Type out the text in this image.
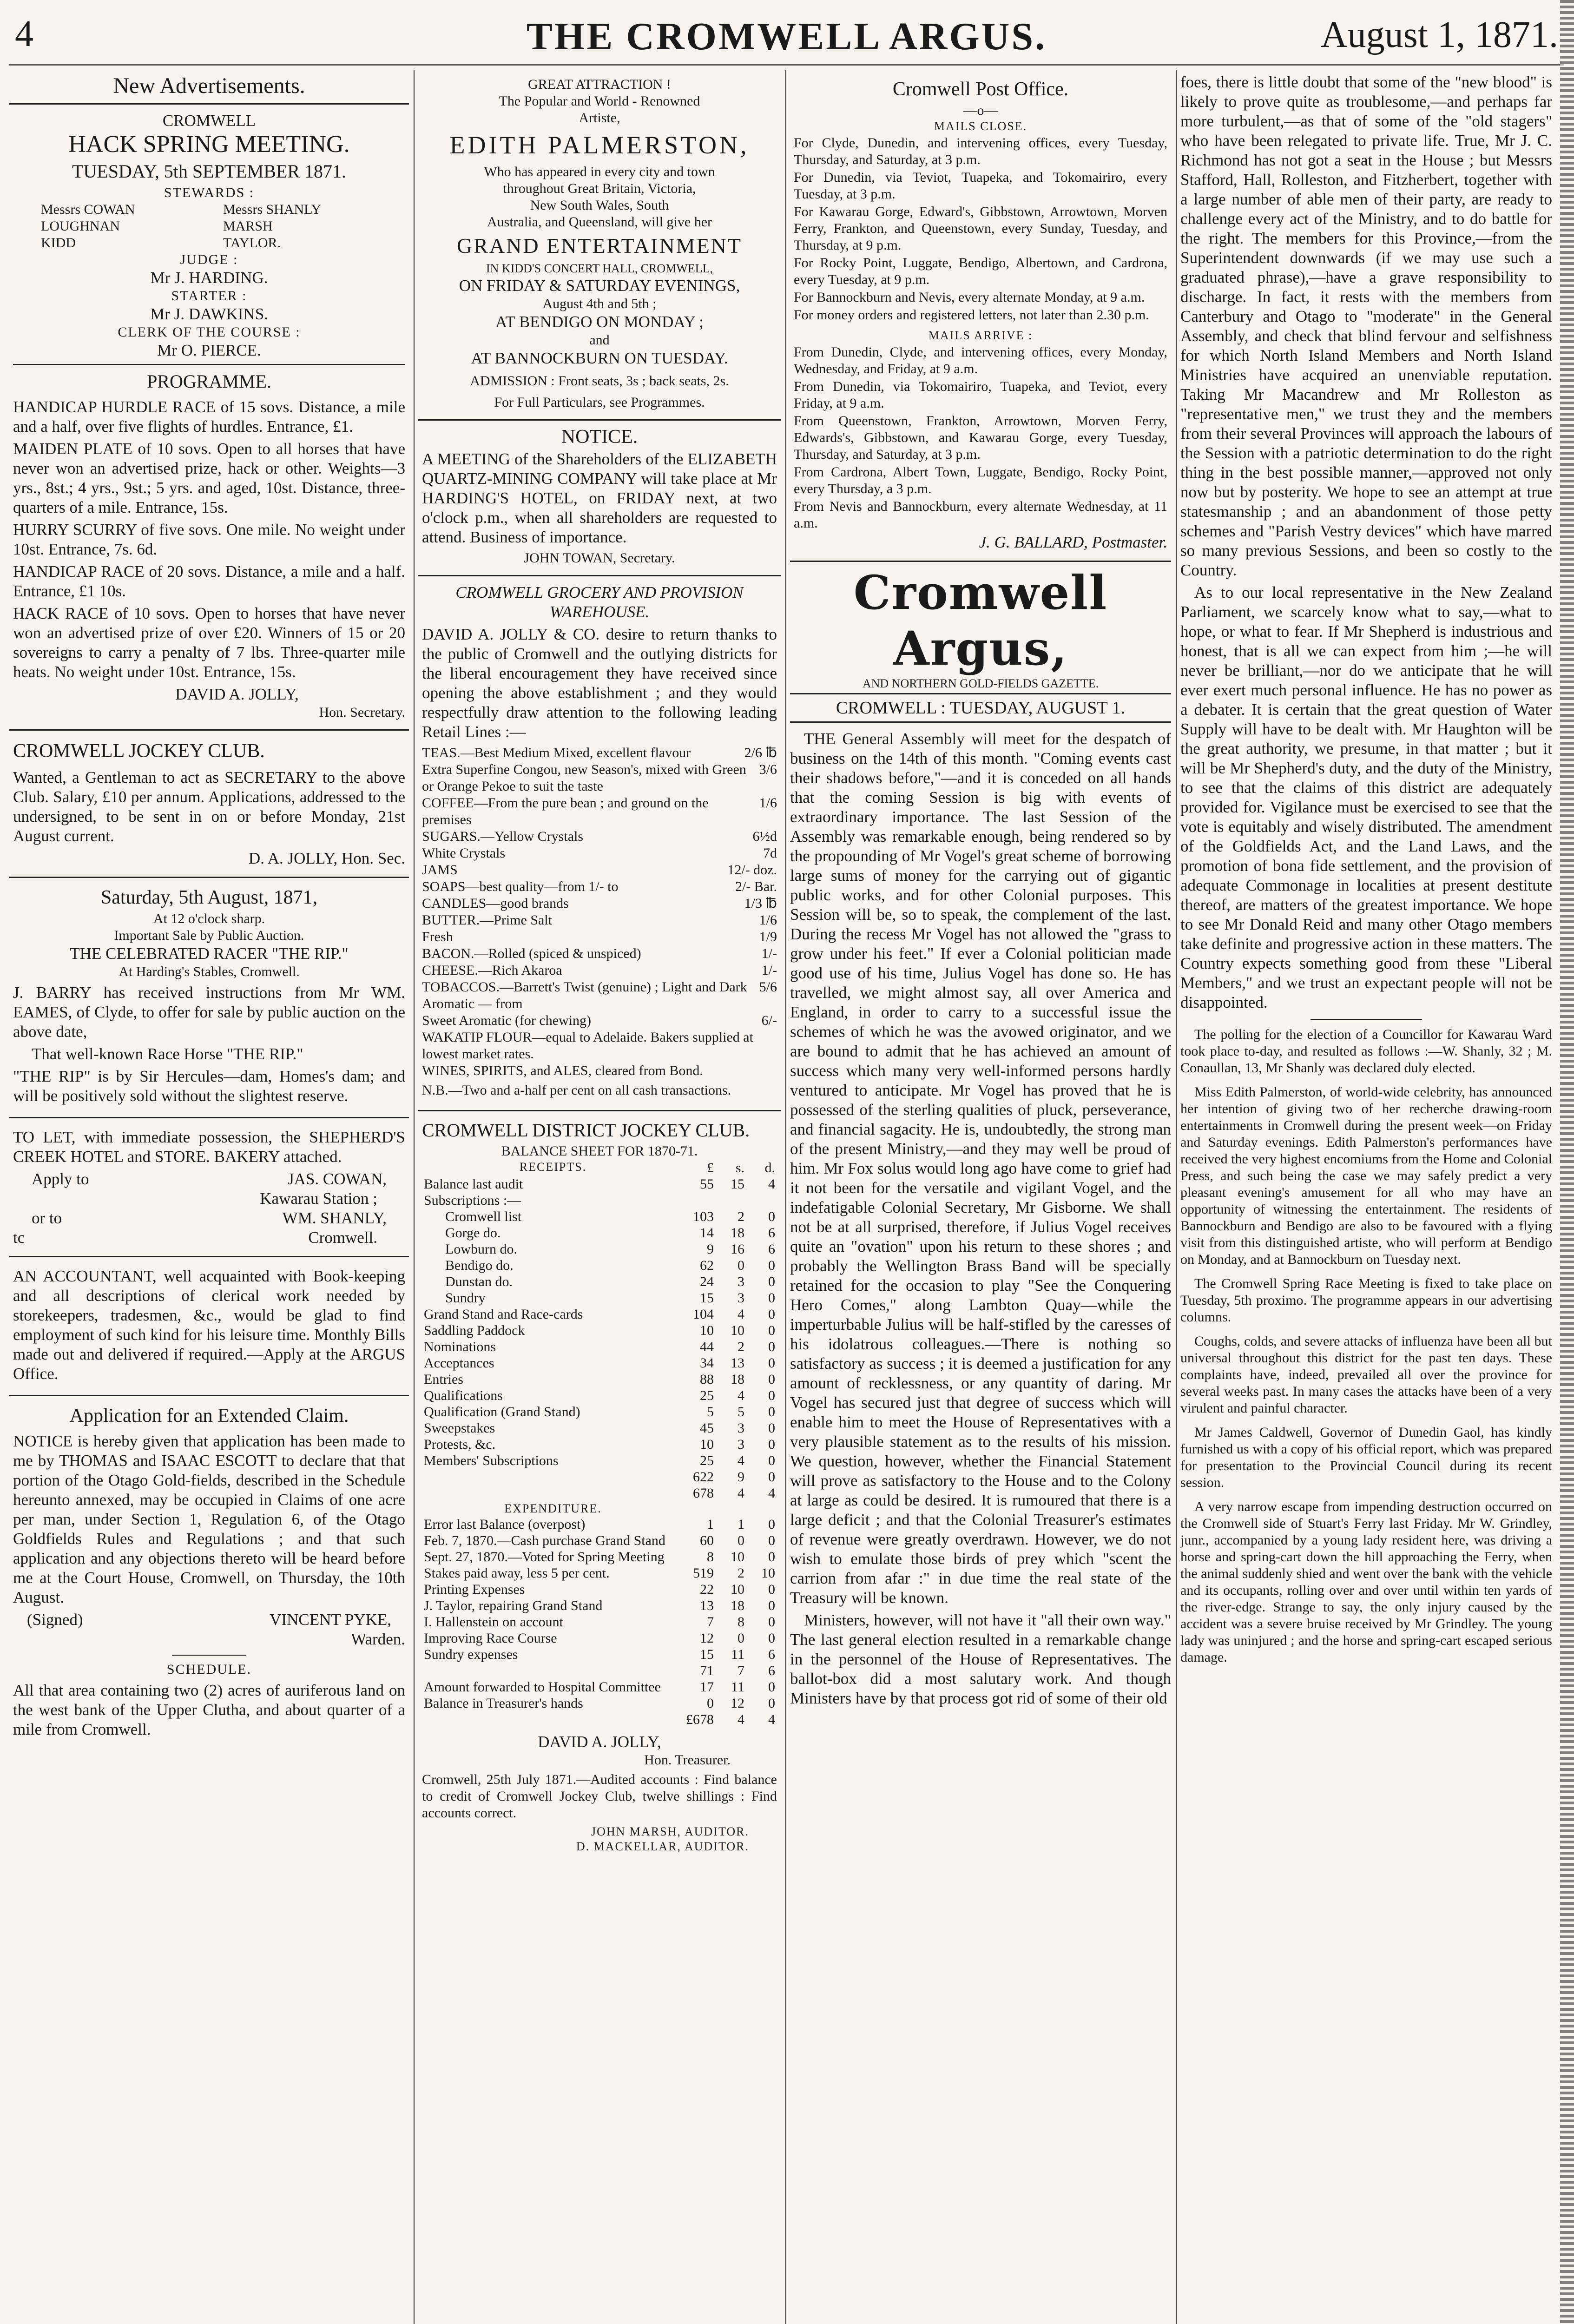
4	THE CROMWELL ARGUS.	August 1, 1871.
New Advertisements.
CROMWELL
HACK SPRING MEETING.
TUESDAY, 5th SEPTEMBER 1871.
STEWARDS :
Messrs COWAN	Messrs SHANLY
LOUGHNAN	MARSH
KIDD	TAYLOR.
JUDGE :
Mr J. HARDING.
STARTER :
Mr J. DAWKINS.
CLERK OF THE COURSE :
Mr O. PIERCE.
PROGRAMME.

HANDICAP HURDLE RACE of 15 sovs. Distance, a mile and a half, over five flights of hurdles. Entrance, £1.

MAIDEN PLATE of 10 sovs. Open to all horses that have never won an advertised prize, hack or other. Weights—3 yrs., 8st.; 4 yrs., 9st.; 5 yrs. and aged, 10st. Distance, three-quarters of a mile. Entrance, 15s.

HURRY SCURRY of five sovs. One mile. No weight under 10st. Entrance, 7s. 6d.

HANDICAP RACE of 20 sovs. Distance, a mile and a half. Entrance, £1 10s.

HACK RACE of 10 sovs. Open to horses that have never won an advertised prize of over £20. Winners of 15 or 20 sovereigns to carry a penalty of 7 lbs. Three-quarter mile heats. No weight under 10st. Entrance, 15s.

DAVID A. JOLLY,
Hon. Secretary.
CROMWELL JOCKEY CLUB.

Wanted, a Gentleman to act as SECRETARY to the above Club. Salary, £10 per annum. Applications, addressed to the undersigned, to be sent in on or before Monday, 21st August current.

D. A. JOLLY, Hon. Sec.
Saturday, 5th August, 1871,
At 12 o'clock sharp.
Important Sale by Public Auction.
THE CELEBRATED RACER "THE RIP."
At Harding's Stables, Cromwell.

J. BARRY has received instructions from Mr WM. EAMES, of Clyde, to offer for sale by public auction on the above date,

That well-known Race Horse "THE RIP."

"THE RIP" is by Sir Hercules—dam, Homes's dam; and will be positively sold without the slightest reserve.

TO LET, with immediate possession, the SHEPHERD'S CREEK HOTEL and STORE. BAKERY attached.

Apply to	JAS. COWAN,
Kawarau Station ;
or to	WM. SHANLY,
tc	Cromwell.

AN ACCOUNTANT, well acquainted with Book-keeping and all descriptions of clerical work needed by storekeepers, tradesmen, &c., would be glad to find employment of such kind for his leisure time. Monthly Bills made out and delivered if required.—Apply at the ARGUS Office.

Application for an Extended Claim.

NOTICE is hereby given that application has been made to me by THOMAS and ISAAC ESCOTT to declare that that portion of the Otago Gold-fields, described in the Schedule hereunto annexed, may be occupied in Claims of one acre per man, under Section 1, Regulation 6, of the Otago Goldfields Rules and Regulations ; and that such application and any objections thereto will be heard before me at the Court House, Cromwell, on Thursday, the 10th August.

(Signed)	VINCENT PYKE,
Warden.
SCHEDULE.

All that area containing two (2) acres of auriferous land on the west bank of the Upper Clutha, and about quarter of a mile from Cromwell.

GREAT ATTRACTION !
The Popular and World - Renowned
Artiste,
EDITH PALMERSTON,
Who has appeared in every city and town
throughout Great Britain, Victoria,
New South Wales, South
Australia, and Queensland, will give her
GRAND ENTERTAINMENT
IN KIDD'S CONCERT HALL, CROMWELL,
ON FRIDAY & SATURDAY EVENINGS,
August 4th and 5th ;
AT BENDIGO ON MONDAY ;
and
AT BANNOCKBURN ON TUESDAY.
ADMISSION : Front seats, 3s ; back seats, 2s.
For Full Particulars, see Programmes.
NOTICE.

A MEETING of the Shareholders of the ELIZABETH QUARTZ-MINING COMPANY will take place at Mr HARDING'S HOTEL, on FRIDAY next, at two o'clock p.m., when all shareholders are requested to attend. Business of importance.

JOHN TOWAN, Secretary.
CROMWELL GROCERY AND PROVISION WAREHOUSE.

DAVID A. JOLLY & CO. desire to return thanks to the public of Cromwell and the outlying districts for the liberal encouragement they have received since opening the above establishment ; and they would respectfully draw attention to the following leading Retail Lines :—

TEAS.—Best Medium Mixed, excellent flavour	2/6 ℔
Extra Superfine Congou, new Season's, mixed with Green or Orange Pekoe to suit the taste
3/6
COFFEE—From the pure bean ; and ground on the premises
1/6
SUGARS.—Yellow Crystals	6½d
White Crystals	7d
JAMS	12/- doz.
SOAPS—best quality—from 1/- to	2/- Bar.
CANDLES—good brands	1/3 ℔
BUTTER.—Prime Salt	1/6
Fresh	1/9
BACON.—Rolled (spiced & unspiced)	1/-
CHEESE.—Rich Akaroa	1/-
TOBACCOS.—Barrett's Twist (genuine) ; Light and Dark Aromatic — from
5/6
Sweet Aromatic (for chewing)	6/-
WAKATIP FLOUR—equal to Adelaide. Bakers supplied at lowest market rates.
WINES, SPIRITS, and ALES, cleared from Bond.

N.B.—Two and a-half per cent on all cash transactions.

CROMWELL DISTRICT JOCKEY CLUB.
BALANCE SHEET FOR 1870-71.
RECEIPTS.	£	s.	d.
Balance last audit	55	15	4
Subscriptions :—			
Cromwell list	103	2	0
Gorge do.	14	18	6
Lowburn do.	9	16	6
Bendigo do.	62	0	0
Dunstan do.	24	3	0
Sundry	15	3	0
Grand Stand and Race-cards	104	4	0
Saddling Paddock	10	10	0
Nominations	44	2	0
Acceptances	34	13	0
Entries	88	18	0
Qualifications	25	4	0
Qualification (Grand Stand)	5	5	0
Sweepstakes	45	3	0
Protests, &c.	10	3	0
Members' Subscriptions	25	4	0
	622	9	0
	678	4	4
EXPENDITURE.			
Error last Balance (overpost)	1	1	0
Feb. 7, 1870.—Cash purchase Grand Stand	60	0	0
Sept. 27, 1870.—Voted for Spring Meeting	8	10	0
Stakes paid away, less 5 per cent.	519	2	10
Printing Expenses	22	10	0
J. Taylor, repairing Grand Stand	13	18	0
I. Hallenstein on account	7	8	0
Improving Race Course	12	0	0
Sundry expenses	15	11	6
	71	7	6
Amount forwarded to Hospital Committee	17	11	0
Balance in Treasurer's hands	0	12	0
	£678	4	4
DAVID A. JOLLY,
Hon. Treasurer.

Cromwell, 25th July 1871.—Audited accounts : Find balance to credit of Cromwell Jockey Club, twelve shillings : Find accounts correct.

JOHN MARSH, AUDITOR.
D. MACKELLAR, AUDITOR.
Cromwell Post Office.
—o—
MAILS CLOSE.

For Clyde, Dunedin, and intervening offices, every Tuesday, Thursday, and Saturday, at 3 p.m.

For Dunedin, via Teviot, Tuapeka, and Tokomairiro, every Tuesday, at 3 p.m.

For Kawarau Gorge, Edward's, Gibbstown, Arrowtown, Morven Ferry, Frankton, and Queenstown, every Sunday, Tuesday, and Thursday, at 9 p.m.

For Rocky Point, Luggate, Bendigo, Albertown, and Cardrona, every Tuesday, at 9 p.m.

For Bannockburn and Nevis, every alternate Monday, at 9 a.m.

For money orders and registered letters, not later than 2.30 p.m.

MAILS ARRIVE :

From Dunedin, Clyde, and intervening offices, every Monday, Wednesday, and Friday, at 9 a.m.

From Dunedin, via Tokomairiro, Tuapeka, and Teviot, every Friday, at 9 a.m.

From Queenstown, Frankton, Arrowtown, Morven Ferry, Edwards's, Gibbstown, and Kawarau Gorge, every Tuesday, Thursday, and Saturday, at 3 p.m.

From Cardrona, Albert Town, Luggate, Bendigo, Rocky Point, every Thursday, a 3 p.m.

From Nevis and Bannockburn, every alternate Wednesday, at 11 a.m.

J. G. BALLARD, Postmaster.
Cromwell Argus,
AND NORTHERN GOLD-FIELDS GAZETTE.
CROMWELL : TUESDAY, AUGUST 1.

THE General Assembly will meet for the despatch of business on the 14th of this month. "Coming events cast their shadows before,"—and it is conceded on all hands that the coming Session is big with events of extraordinary importance. The last Session of the Assembly was remarkable enough, being rendered so by the propounding of Mr Vogel's great scheme of borrowing large sums of money for the carrying out of gigantic public works, and for other Colonial purposes. This Session will be, so to speak, the complement of the last. During the recess Mr Vogel has not allowed the "grass to grow under his feet." If ever a Colonial politician made good use of his time, Julius Vogel has done so. He has travelled, we might almost say, all over America and England, in order to carry to a successful issue the schemes of which he was the avowed originator, and we are bound to admit that he has achieved an amount of success which many very well-informed persons hardly ventured to anticipate. Mr Vogel has proved that he is possessed of the sterling qualities of pluck, perseverance, and financial sagacity. He is, undoubtedly, the strong man of the present Ministry,—and they may well be proud of him. Mr Fox solus would long ago have come to grief had it not been for the versatile and vigilant Vogel, and the indefatigable Colonial Secretary, Mr Gisborne. We shall not be at all surprised, therefore, if Julius Vogel receives quite an "ovation" upon his return to these shores ; and probably the Wellington Brass Band will be specially retained for the occasion to play "See the Conquering Hero Comes," along Lambton Quay—while the imperturbable Julius will be half-stifled by the caresses of his idolatrous colleagues.—There is nothing so satisfactory as success ; it is deemed a justification for any amount of recklessness, or any quantity of daring. Mr Vogel has secured just that degree of success which will enable him to meet the House of Representatives with a very plausible statement as to the results of his mission. We question, however, whether the Financial Statement will prove as satisfactory to the House and to the Colony at large as could be desired. It is rumoured that there is a large deficit ; and that the Colonial Treasurer's estimates of revenue were greatly overdrawn. However, we do not wish to emulate those birds of prey which "scent the carrion from afar :" in due time the real state of the Treasury will be known.

Ministers, however, will not have it "all their own way." The last general election resulted in a remarkable change in the personnel of the House of Representatives. The ballot-box did a most salutary work. And though Ministers have by that process got rid of some of their old

foes, there is little doubt that some of the "new blood" is likely to prove quite as troublesome,—and perhaps far more turbulent,—as that of some of the "old stagers" who have been relegated to private life. True, Mr J. C. Richmond has not got a seat in the House ; but Messrs Stafford, Hall, Rolleston, and Fitzherbert, together with a large number of able men of their party, are ready to challenge every act of the Ministry, and to do battle for the right. The members for this Province,—from the Superintendent downwards (if we may use such a graduated phrase),—have a grave responsibility to discharge. In fact, it rests with the members from Canterbury and Otago to "moderate" in the General Assembly, and check that blind fervour and selfishness for which North Island Members and North Island Ministries have acquired an unenviable reputation. Taking Mr Macandrew and Mr Rolleston as "representative men," we trust they and the members from their several Provinces will approach the labours of the Session with a patriotic determination to do the right thing in the best possible manner,—approved not only now but by posterity. We hope to see an attempt at true statesmanship ; and an abandonment of those petty schemes and "Parish Vestry devices" which have marred so many previous Sessions, and been so costly to the Country.

As to our local representative in the New Zealand Parliament, we scarcely know what to say,—what to hope, or what to fear. If Mr Shepherd is industrious and honest, that is all we can expect from him ;—he will never be brilliant,—nor do we anticipate that he will ever exert much personal influence. He has no power as a debater. It is certain that the great question of Water Supply will have to be dealt with. Mr Haughton will be the great authority, we presume, in that matter ; but it will be Mr Shepherd's duty, and the duty of the Ministry, to see that the claims of this district are adequately provided for. Vigilance must be exercised to see that the vote is equitably and wisely distributed. The amendment of the Goldfields Act, and the Land Laws, and the promotion of bona fide settlement, and the provision of adequate Commonage in localities at present destitute thereof, are matters of the greatest importance. We hope to see Mr Donald Reid and many other Otago members take definite and progressive action in these matters. The Country expects something good from these "Liberal Members," and we trust an expectant people will not be disappointed.

The polling for the election of a Councillor for Kawarau Ward took place to-day, and resulted as follows :—W. Shanly, 32 ; M. Conaullan, 13, Mr Shanly was declared duly elected.

Miss Edith Palmerston, of world-wide celebrity, has announced her intention of giving two of her recherche drawing-room entertainments in Cromwell during the present week—on Friday and Saturday evenings. Edith Palmerston's performances have received the very highest encomiums from the Home and Colonial Press, and such being the case we may safely predict a very pleasant evening's amusement for all who may have an opportunity of witnessing the entertainment. The residents of Bannockburn and Bendigo are also to be favoured with a flying visit from this distinguished artiste, who will perform at Bendigo on Monday, and at Bannockburn on Tuesday next.

The Cromwell Spring Race Meeting is fixed to take place on Tuesday, 5th proximo. The programme appears in our advertising columns.

Coughs, colds, and severe attacks of influenza have been all but universal throughout this district for the past ten days. These complaints have, indeed, prevailed all over the province for several weeks past. In many cases the attacks have been of a very virulent and painful character.

Mr James Caldwell, Governor of Dunedin Gaol, has kindly furnished us with a copy of his official report, which was prepared for presentation to the Provincial Council during its recent session.

A very narrow escape from impending destruction occurred on the Cromwell side of Stuart's Ferry last Friday. Mr W. Grindley, junr., accompanied by a young lady resident here, was driving a horse and spring-cart down the hill approaching the Ferry, when the animal suddenly shied and went over the bank with the vehicle and its occupants, rolling over and over until within ten yards of the river-edge. Strange to say, the only injury caused by the accident was a severe bruise received by Mr Grindley. The young lady was uninjured ; and the horse and spring-cart escaped serious damage.
